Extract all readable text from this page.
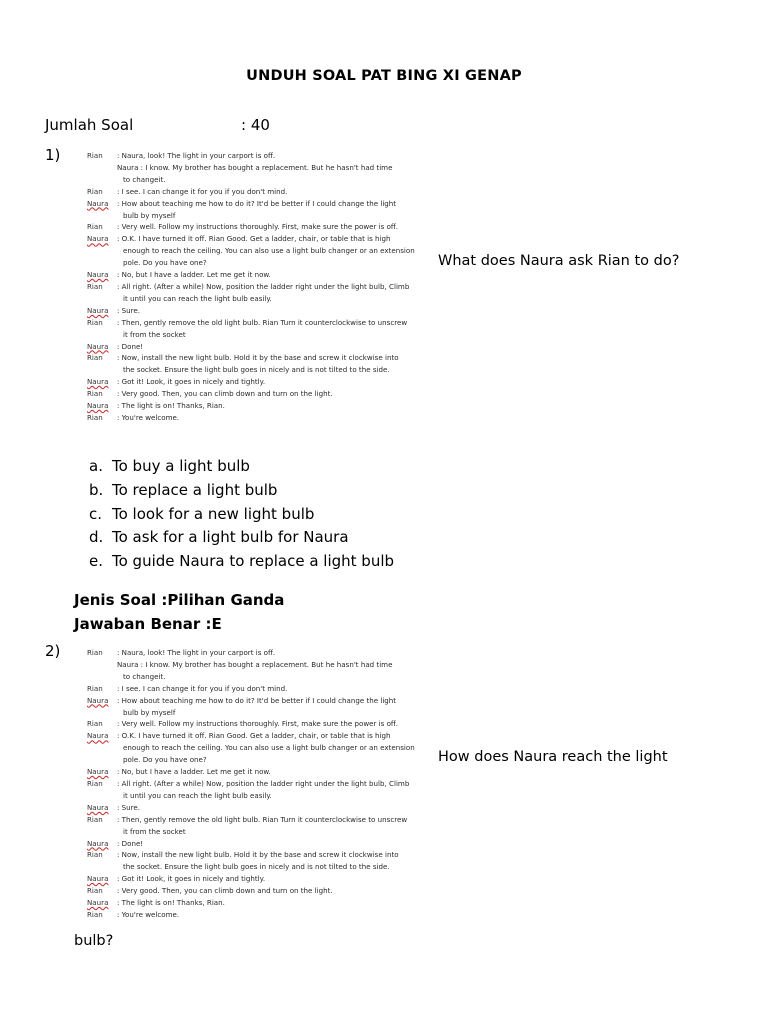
UNDUH SOAL PAT BING XI GENAP
Jumlah Soal	: 40
1)	Rian	: Naura, look! The light in your carport is off.
Naura : I know. My brother has bought a replacement. But he hasn't had time
to changeit.
Rian	: I see. I can change it for you if you don't mind.
Naura	: How about teaching me how to do it? It'd be better if I could change the light
bulb by myself
Rian	: Very well. Follow my instructions thoroughly. First, make sure the power is off.
Naura	: O.K. I have turned it off. Rian Good. Get a ladder, chair, or table that is high
enough to reach the ceiling. You can also use a light bulb changer or an extension
pole. Do you have one?
Naura	: No, but I have a ladder. Let me get it now.
Rian	: All right. (After a while) Now, position the ladder right under the light bulb, Climb
it until you can reach the light bulb easily.
Naura	: Sure.
Rian	: Then, gently remove the old light bulb. Rian Turn it counterclockwise to unscrew
it from the socket
Naura	: Done!
Rian	: Now, install the new light bulb. Hold it by the base and screw it clockwise into
the socket. Ensure the light bulb goes in nicely and is not tilted to the side.
Naura	: Got it! Look, it goes in nicely and tightly.
Rian	: Very good. Then, you can climb down and turn on the light.
Naura	: The light is on! Thanks, Rian.
Rian	: You're welcome.
What does Naura ask Rian to do?
a. To buy a light bulb
b. To replace a light bulb
c. To look for a new light bulb
d. To ask for a light bulb for Naura
e. To guide Naura to replace a light bulb
Jenis Soal :Pilihan Ganda
Jawaban Benar :E
2)	Rian	: Naura, look! The light in your carport is off.
Naura : I know. My brother has bought a replacement. But he hasn't had time
to changeit.
Rian	: I see. I can change it for you if you don't mind.
Naura	: How about teaching me how to do it? It'd be better if I could change the light
bulb by myself
Rian	: Very well. Follow my instructions thoroughly. First, make sure the power is off.
Naura	: O.K. I have turned it off. Rian Good. Get a ladder, chair, or table that is high
enough to reach the ceiling. You can also use a light bulb changer or an extension
pole. Do you have one?
Naura	: No, but I have a ladder. Let me get it now.
Rian	: All right. (After a while) Now, position the ladder right under the light bulb, Climb
it until you can reach the light bulb easily.
Naura	: Sure.
Rian	: Then, gently remove the old light bulb. Rian Turn it counterclockwise to unscrew
it from the socket
Naura	: Done!
Rian	: Now, install the new light bulb. Hold it by the base and screw it clockwise into
the socket. Ensure the light bulb goes in nicely and is not tilted to the side.
Naura	: Got it! Look, it goes in nicely and tightly.
Rian	: Very good. Then, you can climb down and turn on the light.
Naura	: The light is on! Thanks, Rian.
Rian	: You're welcome.
How does Naura reach the light
bulb?
